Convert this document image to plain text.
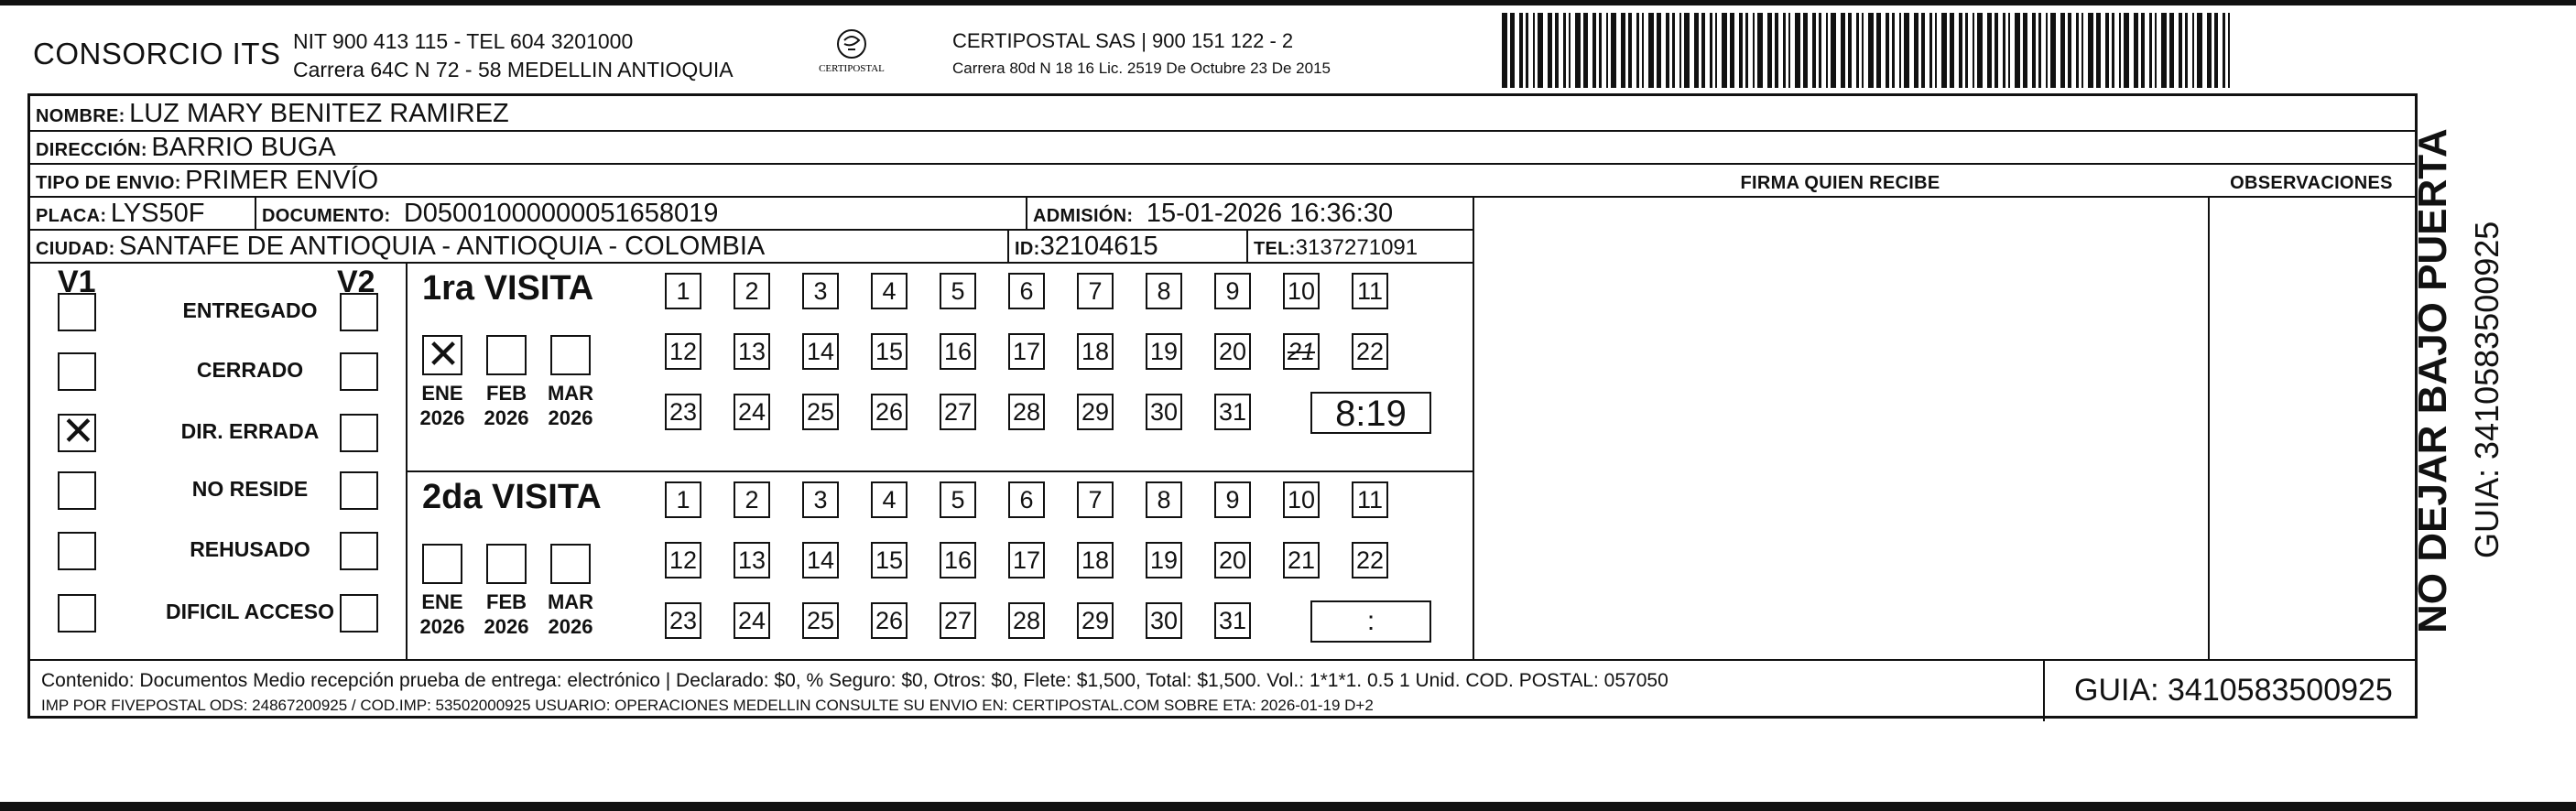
CONSORCIO ITS NIT 900 413 115 - TEL 604 3201000
Carrera 64C N 72 - 58 MEDELLIN ANTIOQUIA	CERTIPOSTAL
CERTIPOSTAL SAS | 900 151 122 - 2
Carrera 80d N 18 16 Lic. 2519 De Octubre 23 De 2015
NOMBRE: LUZ MARY BENITEZ RAMIREZ
DIRECCIÓN: BARRIO BUGA
TIPO DE ENVIO: PRIMER ENVÍO	FIRMA QUIEN RECIBE	OBSERVACIONES
PLACA: LYS50F	DOCUMENTO: D05001000000051658019	ADMISIÓN: 15-01-2026 16:36:30
CIUDAD: SANTAFE DE ANTIOQUIA - ANTIOQUIA - COLOMBIA	ID:32104615	TEL:3137271091
V1	V2
ENTREGADO
CERRADO
✕	DIR. ERRADA
NO RESIDE
REHUSADO
DIFICIL ACCESO
1ra VISITA
✕
ENE
2026
FEB
2026
MAR
2026
1	2	3	4	5	6	7	8	9	10 11
12 13 14 15 16 17 18 19 20 21 22
23 24 25 26 27 28 29 30 31	8:19
2da VISITA
ENE
2026
FEB
2026
MAR
2026
1	2	3	4	5	6	7	8	9	10 11
12 13 14 15 16 17 18 19 20 21 22
23 24 25 26 27 28 29 30 31	:
Contenido: Documentos Medio recepción prueba de entrega: electrónico | Declarado: $0, % Seguro: $0, Otros: $0, Flete: $1,500, Total: $1,500. Vol.: 1*1*1. 0.5 1 Unid. COD. POSTAL: 057050
IMP POR FIVEPOSTAL ODS: 24867200925 / COD.IMP: 53502000925 USUARIO: OPERACIONES MEDELLIN CONSULTE SU ENVIO EN: CERTIPOSTAL.COM SOBRE ETA: 2026-01-19 D+2	GUIA: 3410583500925
NO DEJAR BAJO PUERTA GUIA: 3410583500925
